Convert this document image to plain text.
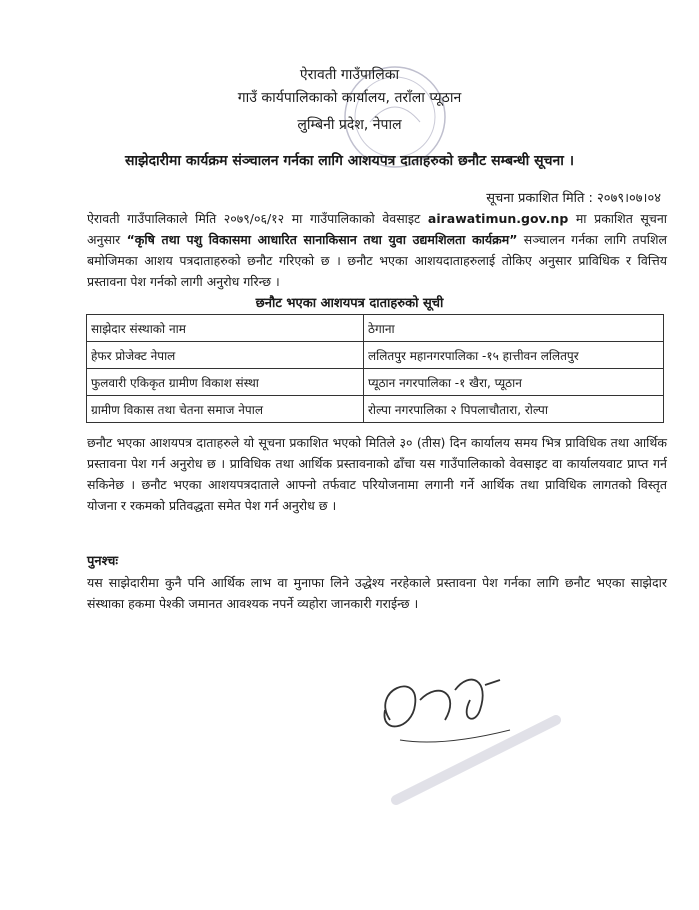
ऐरावती गाउँपालिका
गाउँ कार्यपालिकाको कार्यालय, तराँला प्यूठान
लुम्बिनी प्रदेश, नेपाल
साझेदारीमा कार्यक्रम संञ्चालन गर्नका लागि आशयपत्र दाताहरुको छनौट सम्बन्धी सूचना ।
सूचना प्रकाशित मिति : २०७९।०७।०४

ऐरावती गाउँपालिकाले मिति २०७९/०६/१२ मा गाउँपालिकाको वेवसाइट airawatimun.gov.np मा प्रकाशित सूचना अनुसार “कृषि तथा पशु विकासमा आधारित सानाकिसान तथा युवा उद्यमशिलता कार्यक्रम” सञ्चालन गर्नका लागि तपशिल बमोजिमका आशय पत्रदाताहरुको छनौट गरिएको छ । छनौट भएका आशयदाताहरुलाई तोकिए अनुसार प्राविधिक र वित्तिय प्रस्तावना पेश गर्नको लागी अनुरोध गरिन्छ ।

छनौट भएका आशयपत्र दाताहरुको सूची
साझेदार संस्थाको नाम	ठेगाना
हेफर प्रोजेक्ट नेपाल	ललितपुर महानगरपालिका -१५ हात्तीवन ललितपुर
फुलवारी एकिकृत ग्रामीण विकाश संस्था	प्यूठान नगरपालिका -१ खैरा, प्यूठान
ग्रामीण विकास तथा चेतना समाज नेपाल	रोल्पा नगरपालिका २ पिपलाचौतारा, रोल्पा

छनौट भएका आशयपत्र दाताहरुले यो सूचना प्रकाशित भएको मितिले ३० (तीस) दिन कार्यालय समय भित्र प्राविधिक तथा आर्थिक प्रस्तावना पेश गर्न अनुरोध छ । प्राविधिक तथा आर्थिक प्रस्तावनाको ढाँचा यस गाउँपालिकाको वेवसाइट वा कार्यालयवाट प्राप्त गर्न सकिनेछ । छनौट भएका आशयपत्रदाताले आफ्नो तर्फवाट परियोजनामा लगानी गर्ने आर्थिक तथा प्राविधिक लागतको विस्तृत योजना र रकमको प्रतिवद्धता समेत पेश गर्न अनुरोध छ ।

पुनश्चः

यस साझेदारीमा कुनै पनि आर्थिक लाभ वा मुनाफा लिने उद्धेश्य नरहेकाले प्रस्तावना पेश गर्नका लागि छनौट भएका साझेदार संस्थाका हकमा पेश्की जमानत आवश्यक नपर्ने व्यहोरा जानकारी गराईन्छ ।
